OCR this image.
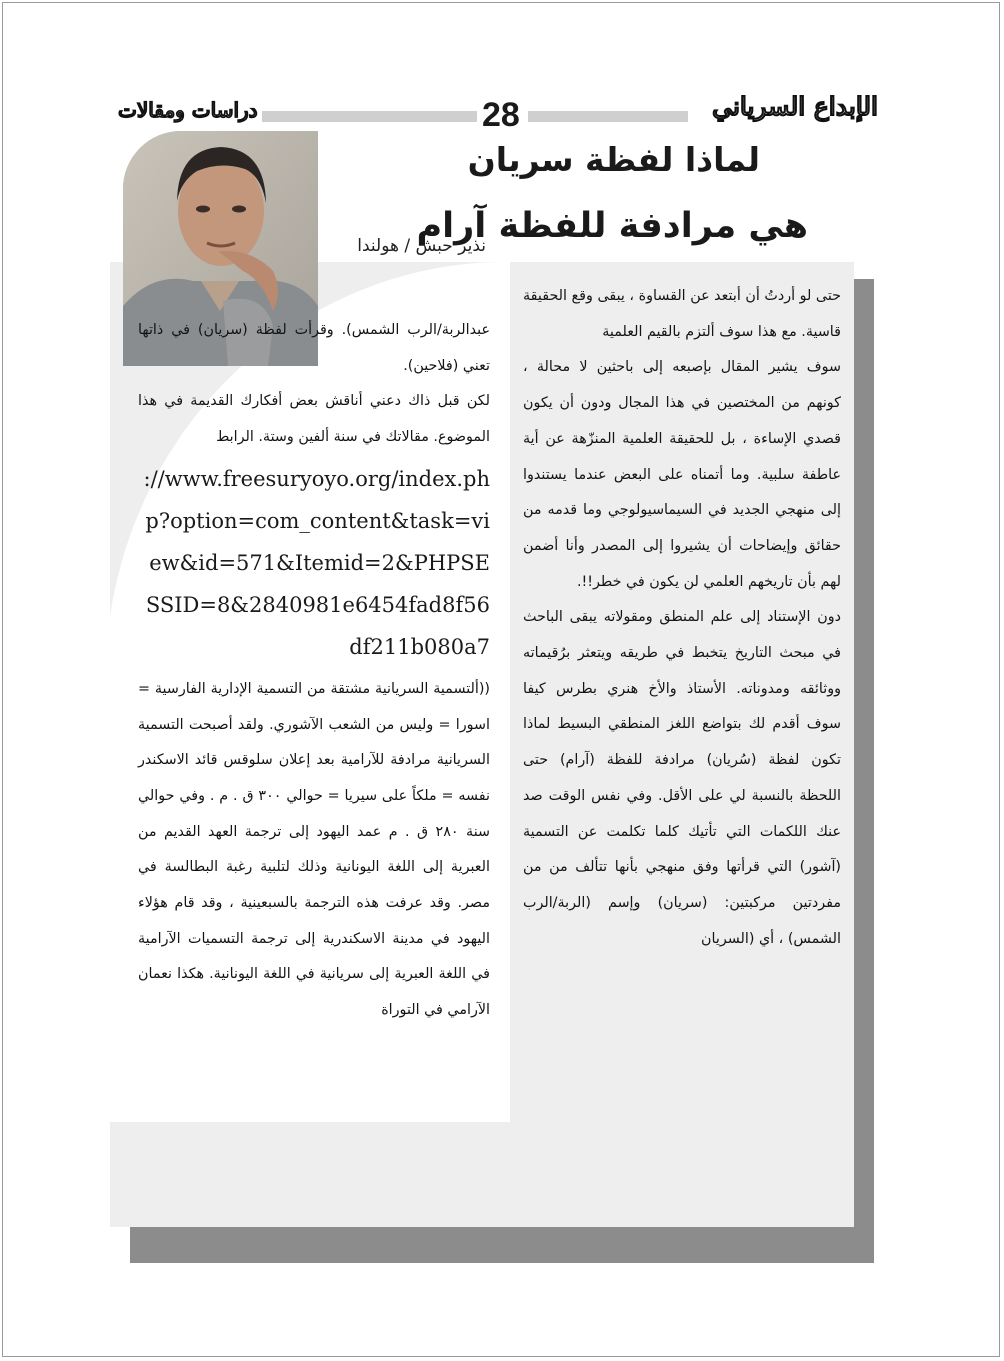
الإبداع السرياني
28
دراسات ومقالات
لماذا لفظة سريان
هي مرادفة للفظة آرام
نذير حبش / هولندا

حتى لو أردتُ أن أبتعد عن القساوة ، يبقى وقع الحقيقة قاسية. مع هذا سوف ألتزم بالقيم العلمية

سوف يشير المقال بإصبعه إلى باحثين لا محالة ، كونهم من المختصين في هذا المجال ودون أن يكون قصدي الإساءة ، بل للحقيقة العلمية المنزّهة عن أية عاطفة سلبية. وما أتمناه على البعض عندما يستندوا إلى منهجي الجديد في السيماسيولوجي وما قدمه من حقائق وإيضاحات أن يشيروا إلى المصدر وأنا أضمن لهم بأن تاريخهم العلمي لن يكون في خطر!!.

دون الإستناد إلى علم المنطق ومقولاته يبقى الباحث في مبحث التاريخ يتخبط في طريقه ويتعثر برُقيماته ووثائقه ومدوناته. الأستاذ والأخ هنري بطرس كيفا سوف أقدم لك بتواضع اللغز المنطقي البسيط لماذا تكون لفظة (سُريان) مرادفة للفظة (آرام) حتى اللحظة بالنسبة لي على الأقل. وفي نفس الوقت صد عنك اللكمات التي تأتيك كلما تكلمت عن التسمية (آشور) التي قرأتها وفق منهجي بأنها تتألف من من مفردتين مركبتين: (سريان) وإسم (الربة/الرب الشمس) ، أي (السريان

عبدالربة/الرب الشمس). وقرأت لفظة (سريان) في ذاتها تعني (فلاحين).

لكن قبل ذاك دعني أناقش بعض أفكارك القديمة في هذا الموضوع. مقالاتك في سنة ألفين وستة. الرابط

://www.freesuryoyo.org/index.php?option=com_content&task=view&id=571&Itemid=2&PHPSESSID=8&2840981e6454fad8f56df211b080a7

((ألتسمية السريانية مشتقة من التسمية الإدارية الفارسية = اسورا = وليس من الشعب الآشوري. ولقد أصبحت التسمية السريانية مرادفة للآرامية بعد إعلان سلوقس قائد الاسكندر نفسه = ملكاً على سيريا = حوالي ٣٠٠ ق . م . وفي حوالي سنة ٢٨٠ ق . م عمد اليهود إلى ترجمة العهد القديم من العبرية إلى اللغة اليونانية وذلك لتلبية رغبة البطالسة في مصر. وقد عرفت هذه الترجمة بالسبعينية ، وقد قام هؤلاء اليهود في مدينة الاسكندرية إلى ترجمة التسميات الآرامية في اللغة العبرية إلى سريانية في اللغة اليونانية. هكذا نعمان الآرامي في التوراة
